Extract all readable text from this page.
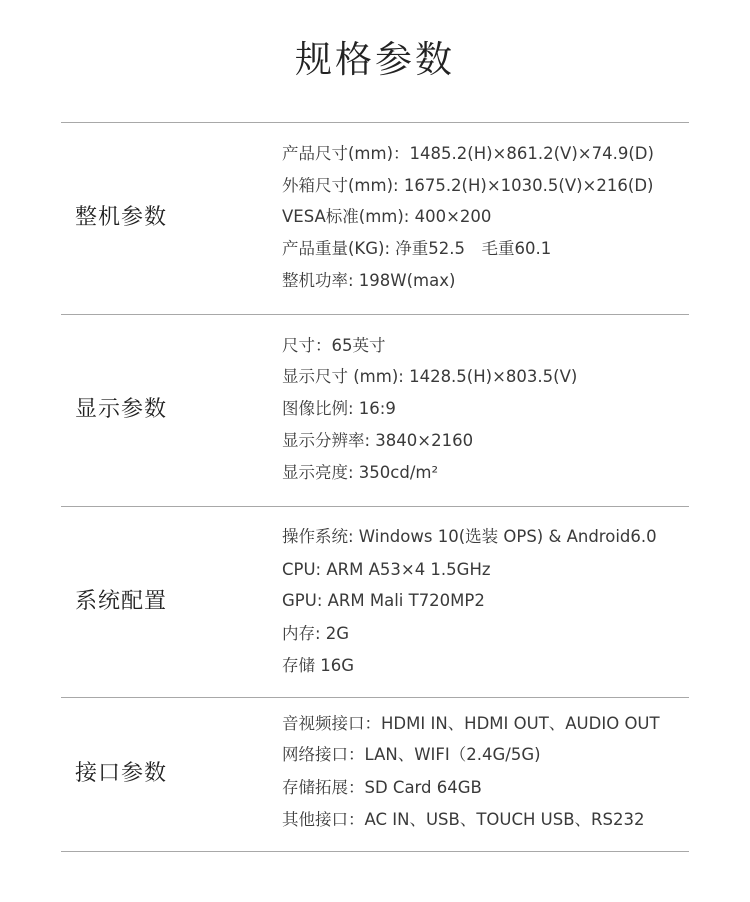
规格参数
整机参数
产品尺寸(mm)：1485.2(H)×861.2(V)×74.9(D)
外箱尺寸(mm): 1675.2(H)×1030.5(V)×216(D)
VESA标准(mm): 400×200
产品重量(KG): 净重52.5　毛重60.1
整机功率: 198W(max)
显示参数
尺寸：65英寸
显示尺寸 (mm): 1428.5(H)×803.5(V)
图像比例: 16:9
显示分辨率: 3840×2160
显示亮度: 350cd/m²
系统配置
操作系统: Windows 10(选装 OPS) & Android6.0
CPU: ARM A53×4 1.5GHz
GPU: ARM Mali T720MP2
内存: 2G
存储 16G
接口参数
音视频接口：HDMI IN、HDMI OUT、AUDIO OUT
网络接口：LAN、WIFI（2.4G/5G)
存储拓展：SD Card 64GB
其他接口：AC IN、USB、TOUCH USB、RS232
